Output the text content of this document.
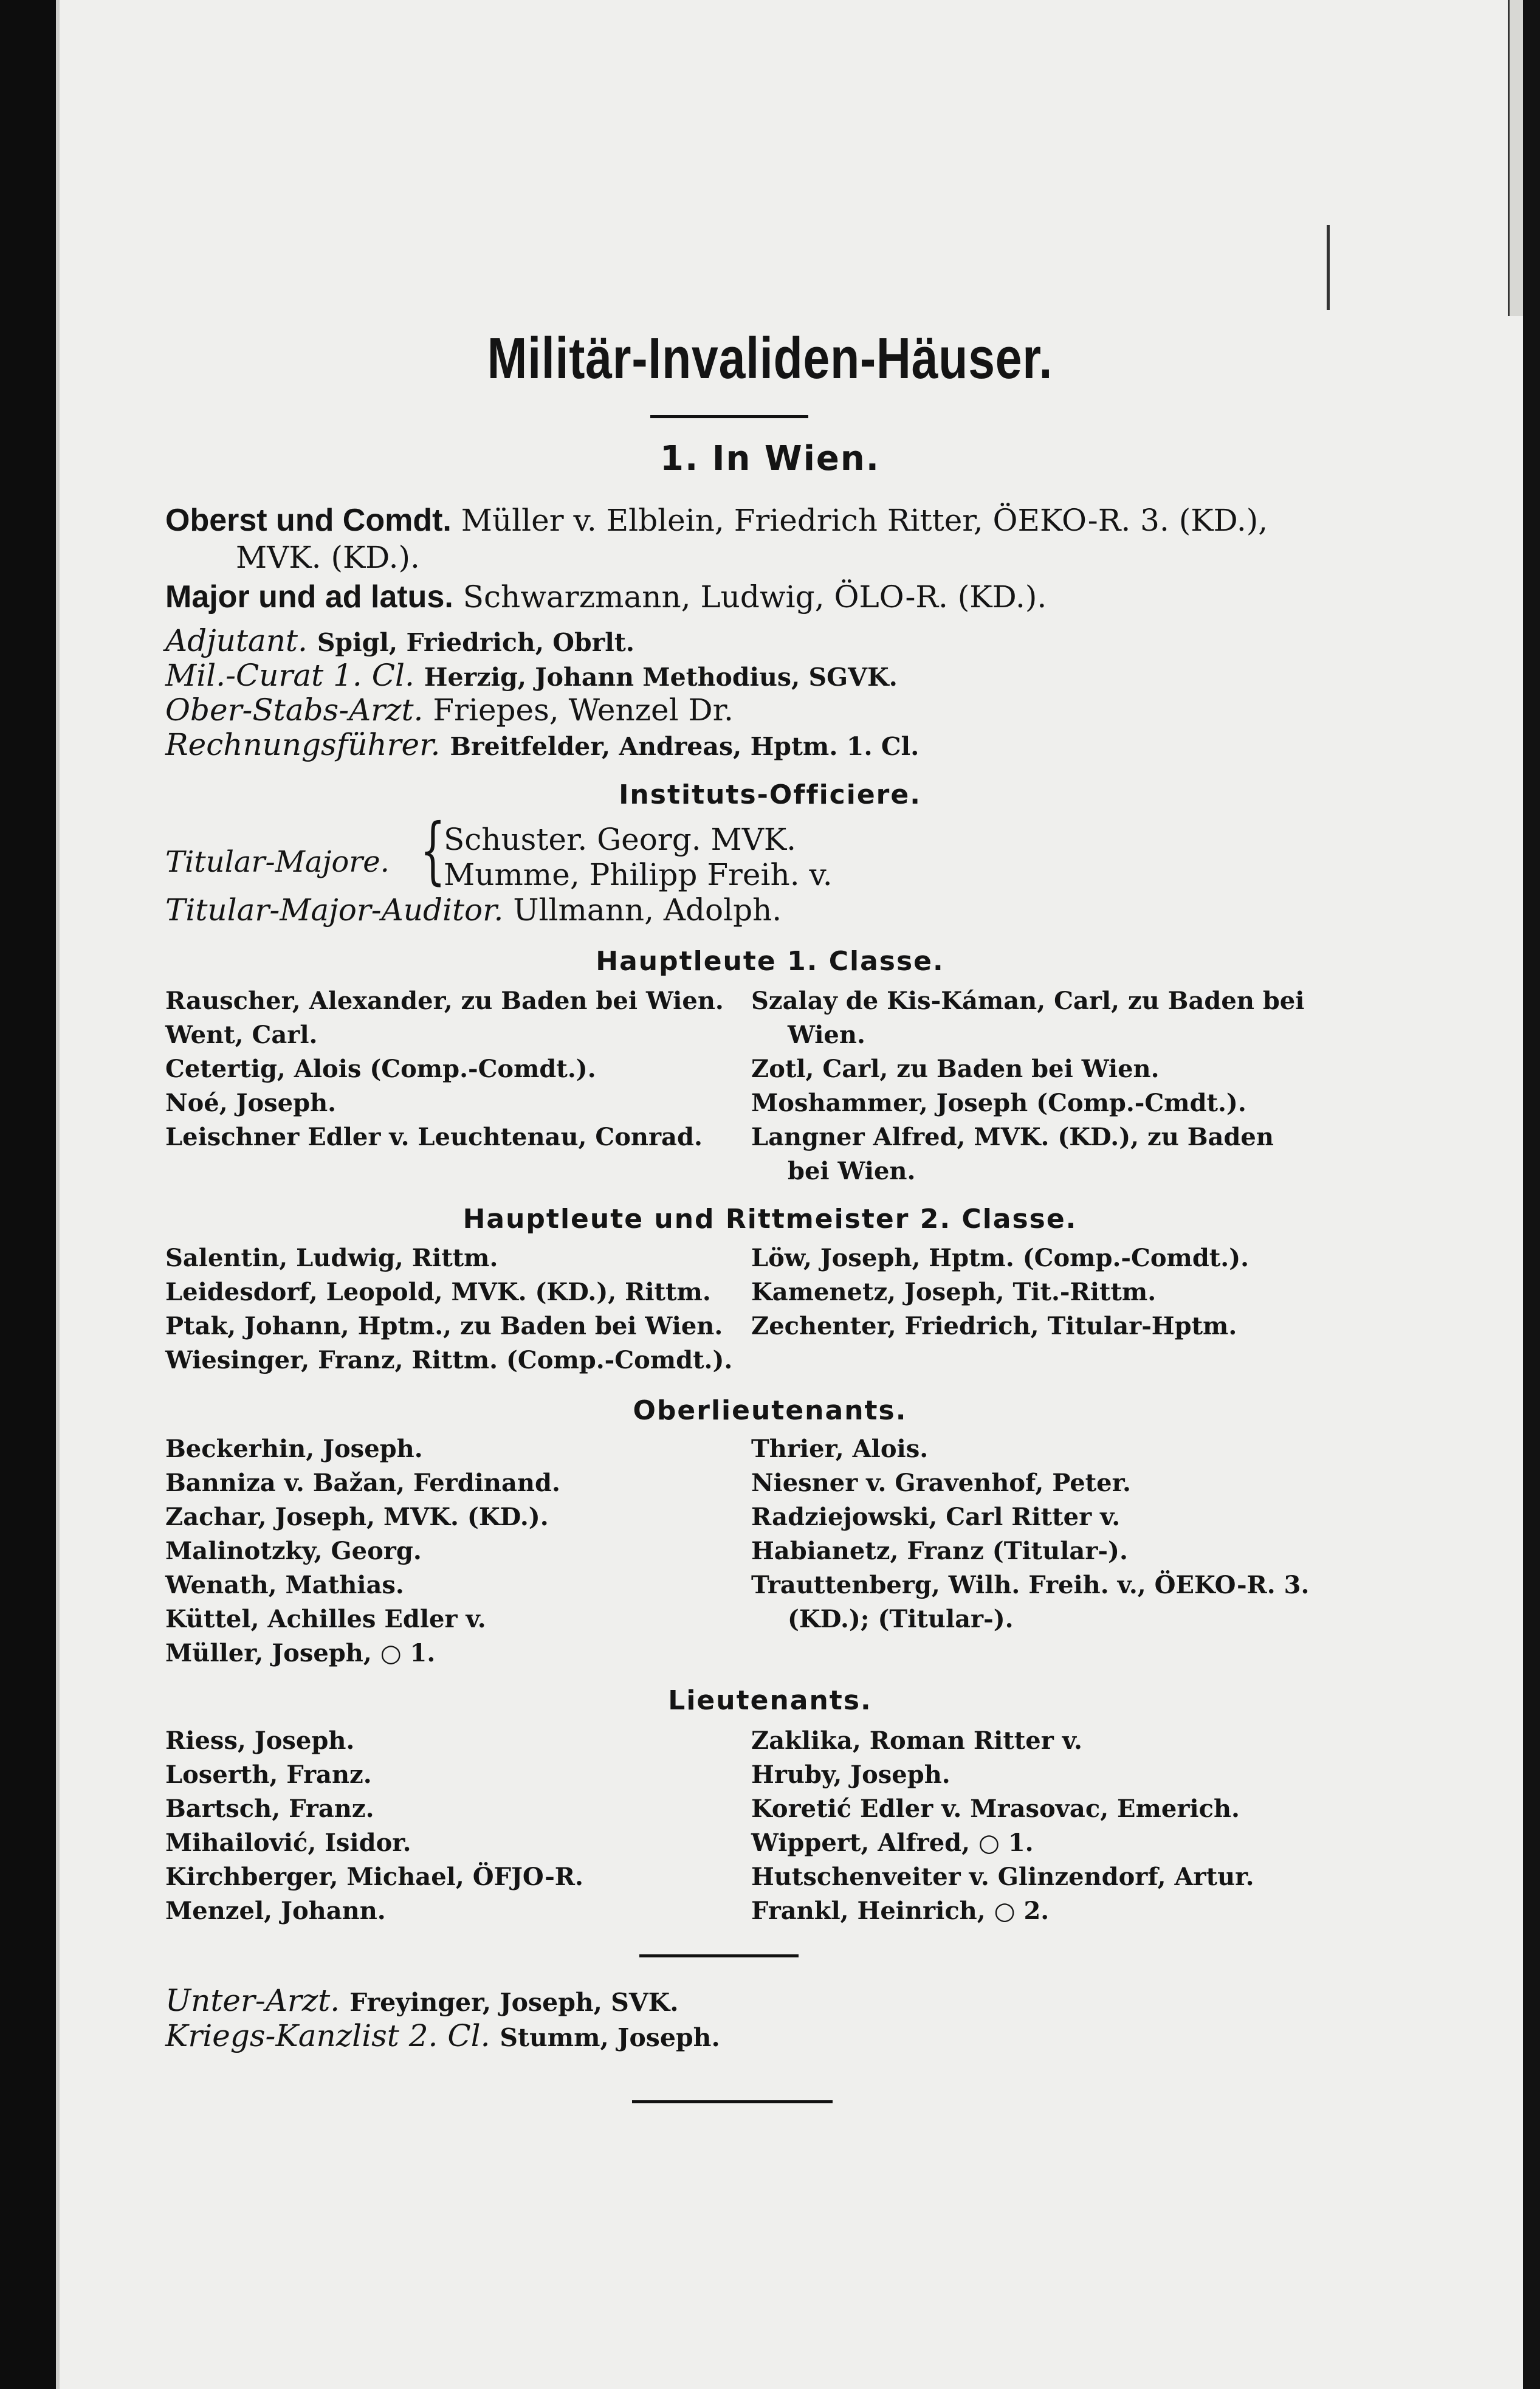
Militär-Invaliden-Häuser.
1. In Wien.
Oberst und Comdt. Müller v. Elblein, Friedrich Ritter, ÖEKO-R. 3. (KD.),
MVK. (KD.).
Major und ad latus. Schwarzmann, Ludwig, ÖLO-R. (KD.).
Adjutant. Spigl, Friedrich, Obrlt.
Mil.-Curat 1. Cl. Herzig, Johann Methodius, SGVK.
Ober-Stabs-Arzt. Friepes, Wenzel Dr.
Rechnungsführer. Breitfelder, Andreas, Hptm. 1. Cl.
Instituts-Officiere.
Titular-Majore. {
Schuster. Georg. MVK.
Mumme, Philipp Freih. v.
Titular-Major-Auditor. Ullmann, Adolph.
Hauptleute 1. Classe.
Rauscher, Alexander, zu Baden bei Wien.
Went, Carl.
Cetertig, Alois (Comp.-Comdt.).
Noé, Joseph.
Leischner Edler v. Leuchtenau, Conrad.
Szalay de Kis-Káman, Carl, zu Baden bei
Wien.
Zotl, Carl, zu Baden bei Wien.
Moshammer, Joseph (Comp.-Cmdt.).
Langner Alfred, MVK. (KD.), zu Baden
bei Wien.
Hauptleute und Rittmeister 2. Classe.
Salentin, Ludwig, Rittm.
Leidesdorf, Leopold, MVK. (KD.), Rittm.
Ptak, Johann, Hptm., zu Baden bei Wien.
Wiesinger, Franz, Rittm. (Comp.-Comdt.).
Löw, Joseph, Hptm. (Comp.-Comdt.).
Kamenetz, Joseph, Tit.-Rittm.
Zechenter, Friedrich, Titular-Hptm.
Oberlieutenants.
Beckerhin, Joseph.
Banniza v. Bažan, Ferdinand.
Zachar, Joseph, MVK. (KD.).
Malinotzky, Georg.
Wenath, Mathias.
Küttel, Achilles Edler v.
Müller, Joseph, ○ 1.
Thrier, Alois.
Niesner v. Gravenhof, Peter.
Radziejowski, Carl Ritter v.
Habianetz, Franz (Titular-).
Trauttenberg, Wilh. Freih. v., ÖEKO-R. 3.
(KD.); (Titular-).
Lieutenants.
Riess, Joseph.
Loserth, Franz.
Bartsch, Franz.
Mihailović, Isidor.
Kirchberger, Michael, ÖFJO-R.
Menzel, Johann.
Zaklika, Roman Ritter v.
Hruby, Joseph.
Koretić Edler v. Mrasovac, Emerich.
Wippert, Alfred, ○ 1.
Hutschenveiter v. Glinzendorf, Artur.
Frankl, Heinrich, ○ 2.
Unter-Arzt. Freyinger, Joseph, SVK.
Kriegs-Kanzlist 2. Cl. Stumm, Joseph.
